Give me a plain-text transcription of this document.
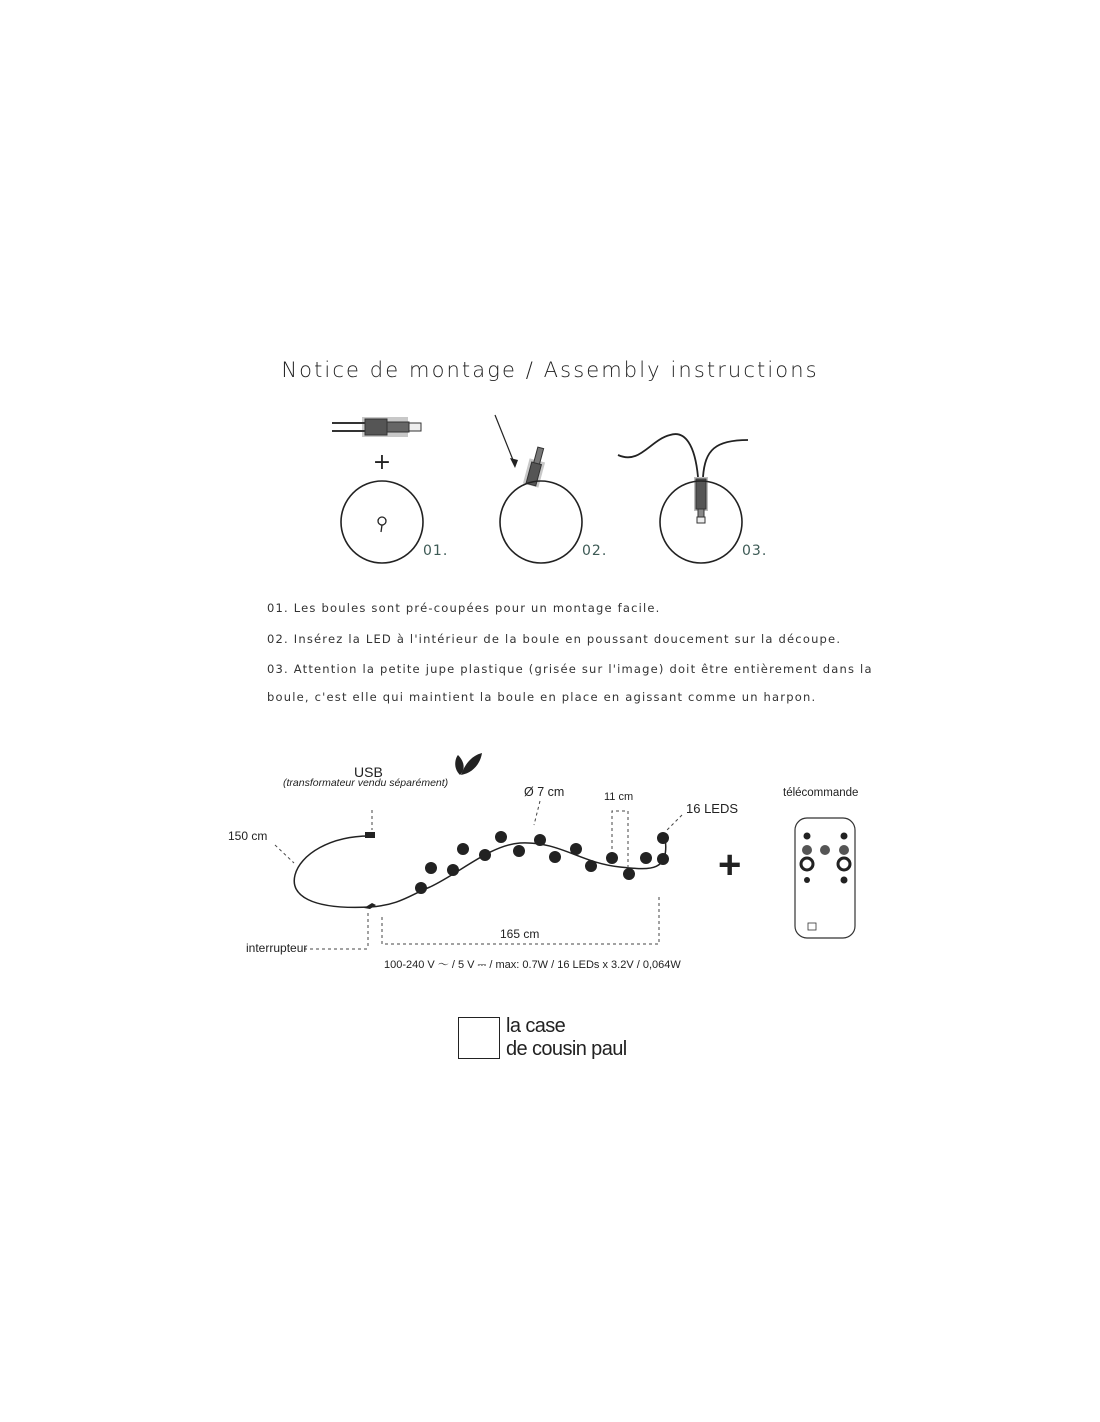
Notice de montage / Assembly instructions
+
01.	02.	03.
01. Les boules sont pré-coupées pour un montage facile.
02. Insérez la LED à l'intérieur de la boule en poussant doucement sur la découpe.
03. Attention la petite jupe plastique (grisée sur l'image) doit être entièrement dans la
boule, c'est elle qui maintient la boule en place en agissant comme un harpon.
USB
(transformateur vendu séparément)
150 cm
Ø 7 cm	11 cm
16 LEDS
+
télécommande
interrupteur
165 cm
100-240 V ～ / 5 V ⎓ / max: 0.7W / 16 LEDs x 3.2V / 0,064W
la case
de cousin paul
